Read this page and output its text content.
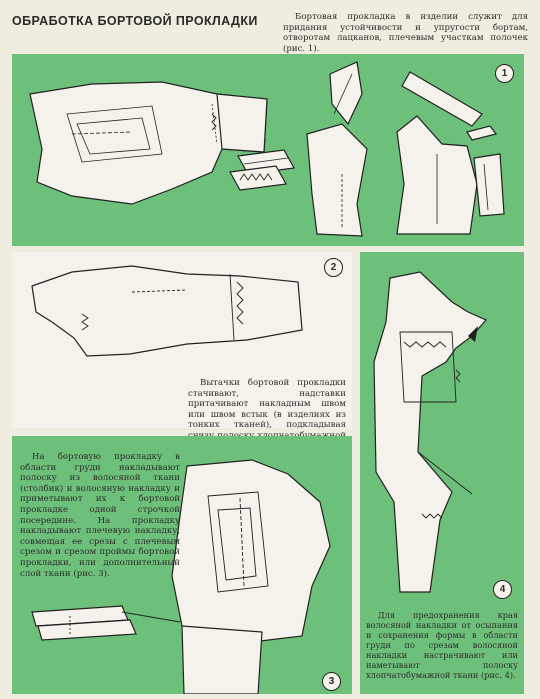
ОБРАБОТКА БОРТОВОЙ ПРОКЛАДКИ	Бортовая прокладка в изделии служит для придания устойчивости и упругости бортам, отворотам лацканов, плечевым участкам полочек (рис. 1).
1
2
Вытачки бортовой прокладки стачивают, надставки притачивают накладным швом или швом встык (в изделиях из тонких тканей), подкладывая
4
Для предохранения края волосяной накладки от осыпания и сохранения формы в области груди по срезам волосяной накладки настрачивают или наметывают полоску хлопчатобумажной ткани (рис. 4).
3
На бортовую прокладку в области груди накладывают полоску из волосяной ткани (столбик) и волосяную накладку и приметывают их к бортовой прокладке одной строчкой посередине. На прокладку накладывают плечевую накладку, совмещая ее срезы с плечевым срезом и срезом проймы бортовой прокладки, или дополнительный слой ткани (рис. 3).
